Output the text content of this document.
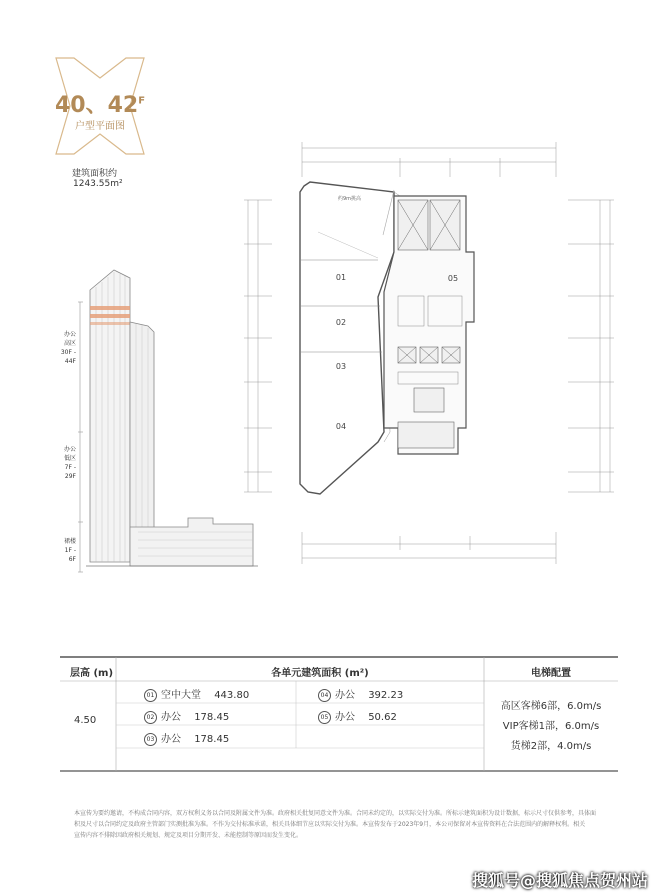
40、$42^F$
户型平面图
建筑面积约
1243.55m²
办公
高区
30F - 44F
办公
低区
7F - 29F
裙楼
1F - 6F
01
02
03
04
05
约9m挑高
层高 (m)	各单元建筑面积 (m²)	电梯配置
4.50
01 空中大堂 443.80	04 办公 392.23
02 办公 178.45	05 办公 50.62
03 办公 178.45
高区客梯6部，6.0m/s
VIP客梯1部，6.0m/s
货梯2部，4.0m/s
本宣传为要约邀请，不构成合同内容，双方权利义务以合同及附属文件为准。政府相关批复同意文件为准。合同未约定的，以实际交付为准。所标示建筑面积为设计数据，标示尺寸仅供参考，具体面
积及尺寸以合同约定及政府主管部门实测批准为准。不作为交付标准承诺，相关具体细节应以实际交付为准。本宣传发布于2023年9月，本公司保留对本宣传资料在合法范围内的解释权利。相关
宣传内容不排除因政府相关规划、规定及项目分期开发、未能控制等原因而发生变化。
搜狐号@搜狐焦点贺州站
